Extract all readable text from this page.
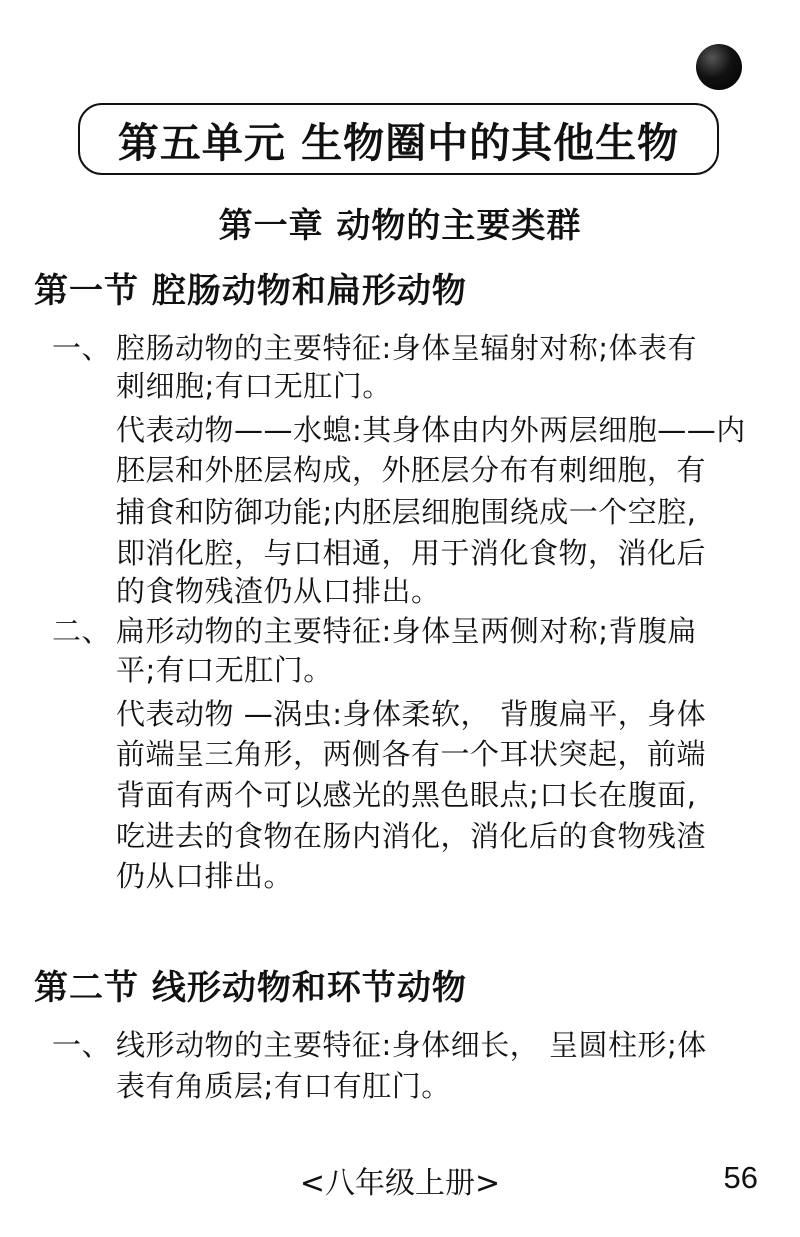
第五单元 生物圈中的其他生物
第一章 动物的主要类群
第一节 腔肠动物和扁形动物
一、 腔肠动物的主要特征:身体呈辐射对称;体表有
刺细胞;有口无肛门。
代表动物——水螅:其身体由内外两层细胞——内
胚层和外胚层构成，外胚层分布有刺细胞，有
捕食和防御功能;内胚层细胞围绕成一个空腔,
即消化腔，与口相通，用于消化食物，消化后
的食物残渣仍从口排出。
二、 扁形动物的主要特征:身体呈两侧对称;背腹扁
平;有口无肛门。
代表动物 —涡虫:身体柔软， 背腹扁平，身体
前端呈三角形，两侧各有一个耳状突起，前端
背面有两个可以感光的黑色眼点;口长在腹面,
吃进去的食物在肠内消化，消化后的食物残渣
仍从口排出。
第二节 线形动物和环节动物
一、 线形动物的主要特征:身体细长， 呈圆柱形;体
表有角质层;有口有肛门。
<八年级上册>	56
